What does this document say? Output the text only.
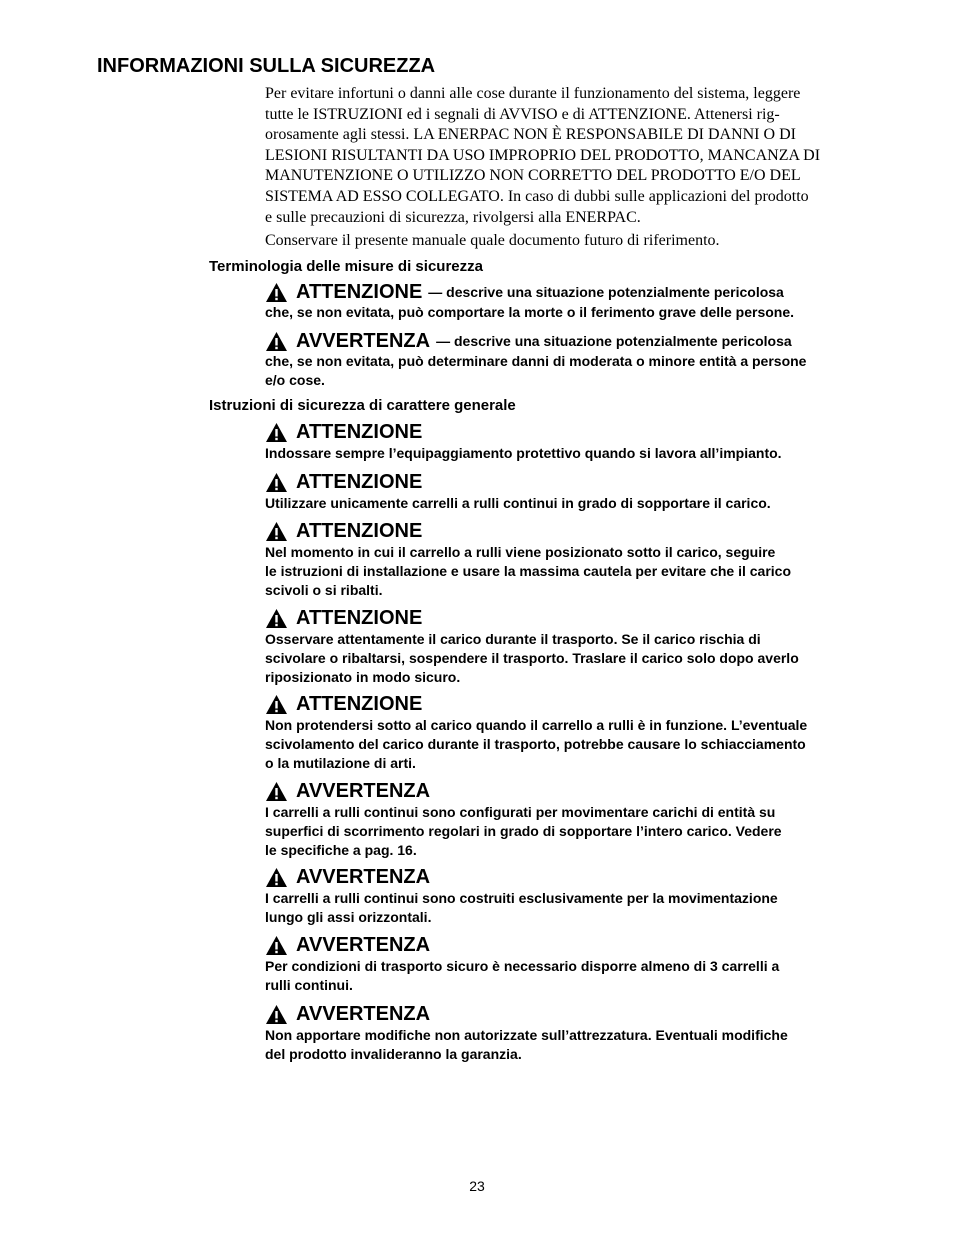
INFORMAZIONI SULLA SICUREZZA

Per evitare infortuni o danni alle cose durante il funzionamento del sistema, leggere
tutte le ISTRUZIONI ed i segnali di AVVISO e di ATTENZIONE. Attenersi rig-
orosamente agli stessi. LA ENERPAC NON È RESPONSABILE DI DANNI O DI
LESIONI RISULTANTI DA USO IMPROPRIO DEL PRODOTTO, MANCANZA DI
MANUTENZIONE O UTILIZZO NON CORRETTO DEL PRODOTTO E/O DEL
SISTEMA AD ESSO COLLEGATO. In caso di dubbi sulle applicazioni del prodotto
e sulle precauzioni di sicurezza, rivolgersi alla ENERPAC.

Conservare il presente manuale quale documento futuro di riferimento.

Terminologia delle misure di sicurezza
ATTENZIONE — descrive una situazione potenzialmente pericolosa

che, se non evitata, può comportare la morte o il ferimento grave delle persone.

AVVERTENZA — descrive una situazione potenzialmente pericolosa

che, se non evitata, può determinare danni di moderata o minore entità a persone
e/o cose.

Istruzioni di sicurezza di carattere generale
ATTENZIONE

Indossare sempre l’equipaggiamento protettivo quando si lavora all’impianto.

ATTENZIONE

Utilizzare unicamente carrelli a rulli continui in grado di sopportare il carico.

ATTENZIONE

Nel momento in cui il carrello a rulli viene posizionato sotto il carico, seguire
le istruzioni di installazione e usare la massima cautela per evitare che il carico
scivoli o si ribalti.

ATTENZIONE

Osservare attentamente il carico durante il trasporto. Se il carico rischia di
scivolare o ribaltarsi, sospendere il trasporto. Traslare il carico solo dopo averlo
riposizionato in modo sicuro.

ATTENZIONE

Non protendersi sotto al carico quando il carrello a rulli è in funzione. L’eventuale
scivolamento del carico durante il trasporto, potrebbe causare lo schiacciamento
o la mutilazione di arti.

AVVERTENZA

I carrelli a rulli continui sono configurati per movimentare carichi di entità su
superfici di scorrimento regolari in grado di sopportare l’intero carico. Vedere
le specifiche a pag. 16.

AVVERTENZA

I carrelli a rulli continui sono costruiti esclusivamente per la movimentazione
lungo gli assi orizzontali.

AVVERTENZA

Per condizioni di trasporto sicuro è necessario disporre almeno di 3 carrelli a
rulli continui.

AVVERTENZA

Non apportare modifiche non autorizzate sull’attrezzatura. Eventuali modifiche
del prodotto invalideranno la garanzia.

23
